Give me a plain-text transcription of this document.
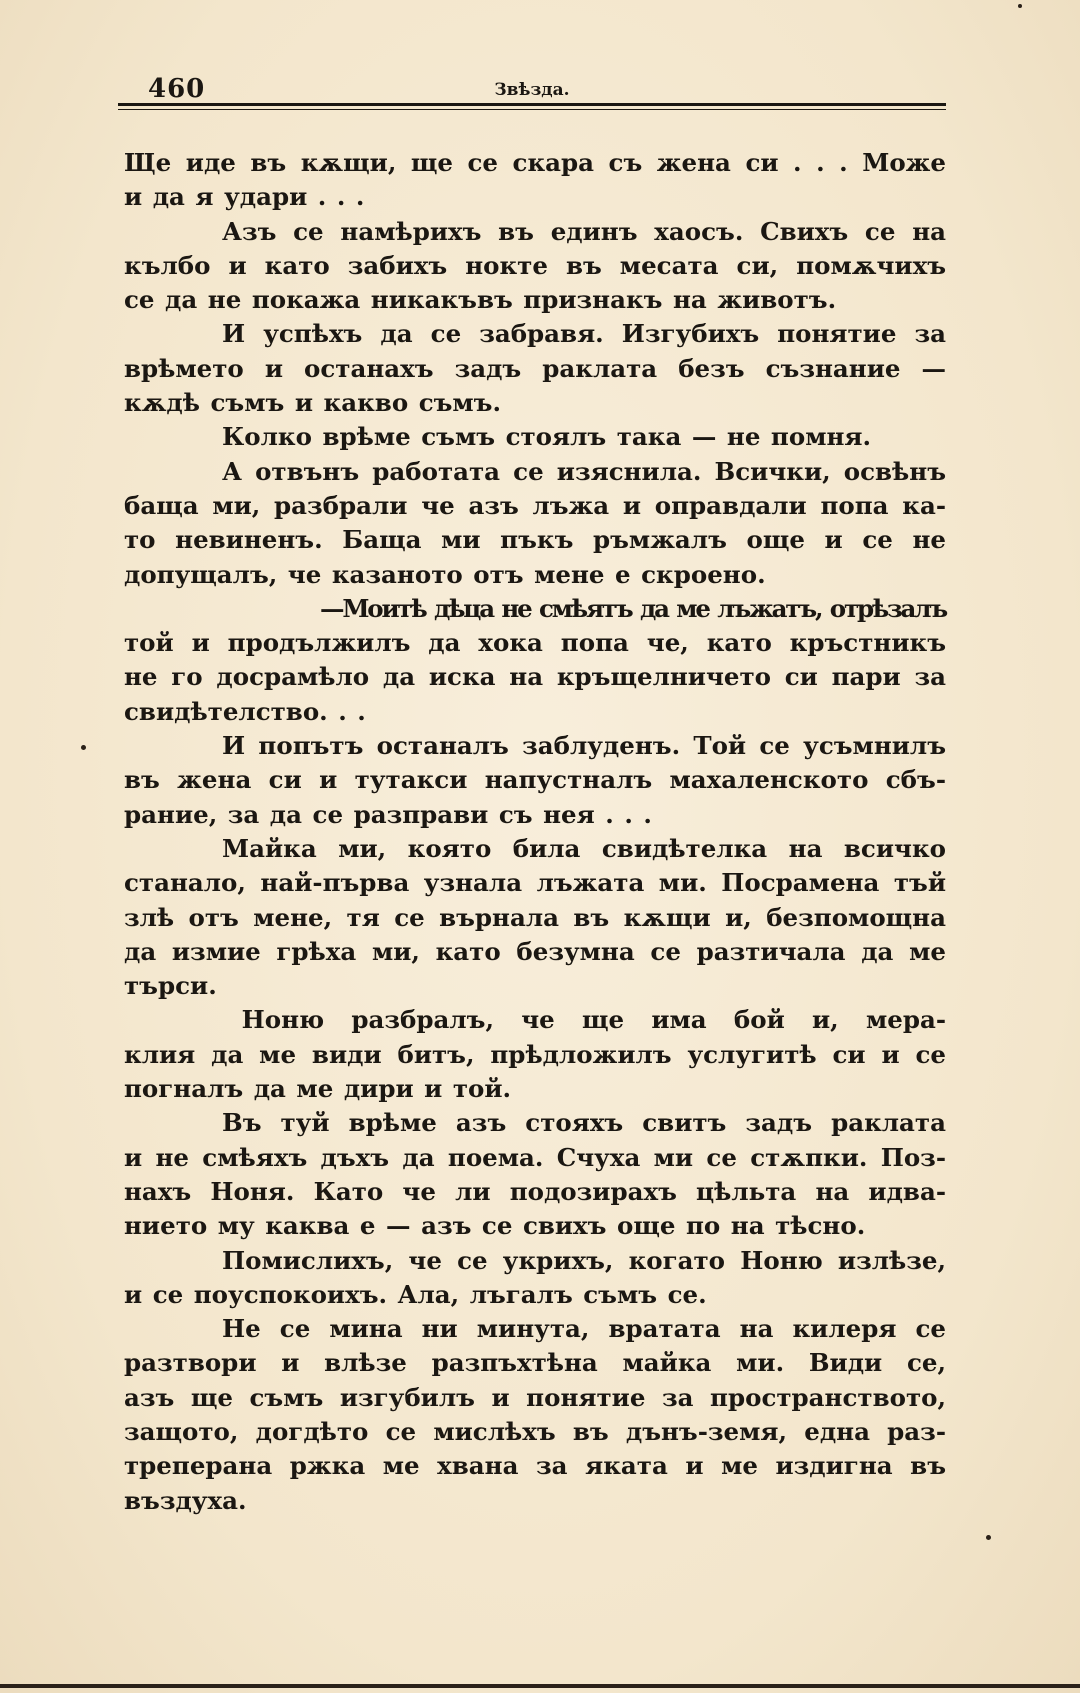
460	Звѣзда.

Ще иде въ кѫщи, ще се скара съ жена си . . . Може
и да я удари . . .

Азъ се намѣрихъ въ единъ хаосъ. Свихъ се на
кълбо и като забихъ нокте въ месата си, помѫчихъ
се да не покажа никакъвъ признакъ на животъ.

И успѣхъ да се забравя. Изгубихъ понятие за
врѣмето и останахъ задъ раклата безъ съзнание —
кѫдѣ съмъ и какво съмъ.

Колко врѣме съмъ стоялъ така — не помня.

А отвънъ работата се изяснила. Всички, освѣнъ
баща ми, разбрали че азъ лъжа и оправдали попа ка-
то невиненъ. Баща ми пъкъ ръмжалъ още и се не
допущалъ, че казаното отъ мене е скроено.

—Моитѣ дѣца не смѣятъ да ме лъжатъ, отрѣзалъ
той и продължилъ да хока попа че, като кръстникъ
не го досрамѣло да иска на кръщелничето си пари за
свидѣтелство. . .

И попътъ останалъ заблуденъ. Той се усъмнилъ
въ жена си и тутакси напустналъ махаленското сбъ-
рание, за да се разправи съ нея . . .

Майка ми, която била свидѣтелка на всичко
станало, най-първа узнала лъжата ми. Посрамена тъй
злѣ отъ мене, тя се върнала въ кѫщи и, безпомощна
да измие грѣха ми, като безумна се разтичала да ме
търси.

Ноню разбралъ, че ще има бой и, мера-
клия да ме види битъ, прѣдложилъ услугитѣ си и се
погналъ да ме дири и той.

Въ туй врѣме азъ стояхъ свитъ задъ раклата
и не смѣяхъ дъхъ да поема. Счуха ми се стѫпки. Поз-
нахъ Ноня. Като че ли подозирахъ цѣльта на идва-
нието му каква е — азъ се свихъ още по на тѣсно.

Помислихъ, че се укрихъ, когато Ноню излѣзе,
и се поуспокоихъ. Ала, лъгалъ съмъ се.

Не се мина ни минута, вратата на килеря се
разтвори и влѣзе разпъхтѣна майка ми. Види се,
азъ ще съмъ изгубилъ и понятие за пространството,
защото, догдѣто се мислѣхъ въ дънъ-земя, една раз-
треперана ржка ме хвана за яката и ме издигна въ
въздуха.
